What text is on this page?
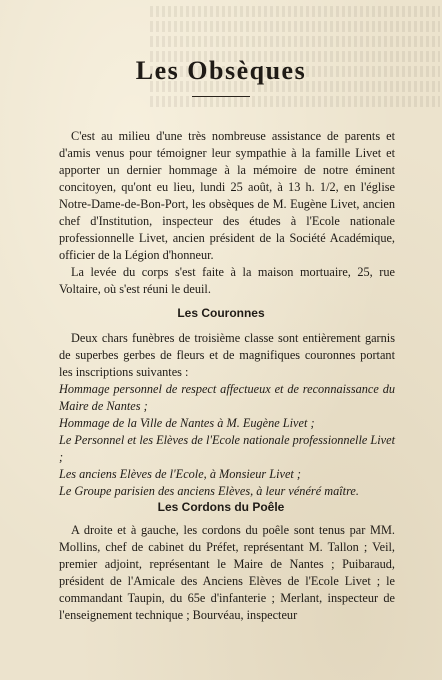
Les Obsèques

C'est au milieu d'une très nombreuse assistance de parents et d'amis venus pour témoigner leur sympathie à la famille Livet et apporter un dernier hommage à la mémoire de notre éminent concitoyen, qu'ont eu lieu, lundi 25 août, à 13 h. 1/2, en l'église Notre-Dame-de-Bon-Port, les obsèques de M. Eugène Livet, ancien chef d'Institution, inspecteur des études à l'Ecole nationale professionnelle Livet, ancien président de la Société Académique, officier de la Légion d'honneur.

La levée du corps s'est faite à la maison mortuaire, 25, rue Voltaire, où s'est réuni le deuil.

Les Couronnes

Deux chars funèbres de troisième classe sont entièrement garnis de superbes gerbes de fleurs et de magnifiques couronnes portant les inscriptions suivantes :

Hommage personnel de respect affectueux et de reconnaissance du Maire de Nantes ;

Hommage de la Ville de Nantes à M. Eugène Livet ;

Le Personnel et les Elèves de l'Ecole nationale professionnelle Livet ;

Les anciens Elèves de l'Ecole, à Monsieur Livet ;

Le Groupe parisien des anciens Elèves, à leur vénéré maître.

Les Cordons du Poêle

A droite et à gauche, les cordons du poêle sont tenus par MM. Mollins, chef de cabinet du Préfet, représentant M. Tallon ; Veil, premier adjoint, représentant le Maire de Nantes ; Puibaraud, président de l'Amicale des Anciens Elèves de l'Ecole Livet ; le commandant Taupin, du 65e d'infanterie ; Merlant, inspecteur de l'enseignement technique ; Bourvéau, inspecteur
